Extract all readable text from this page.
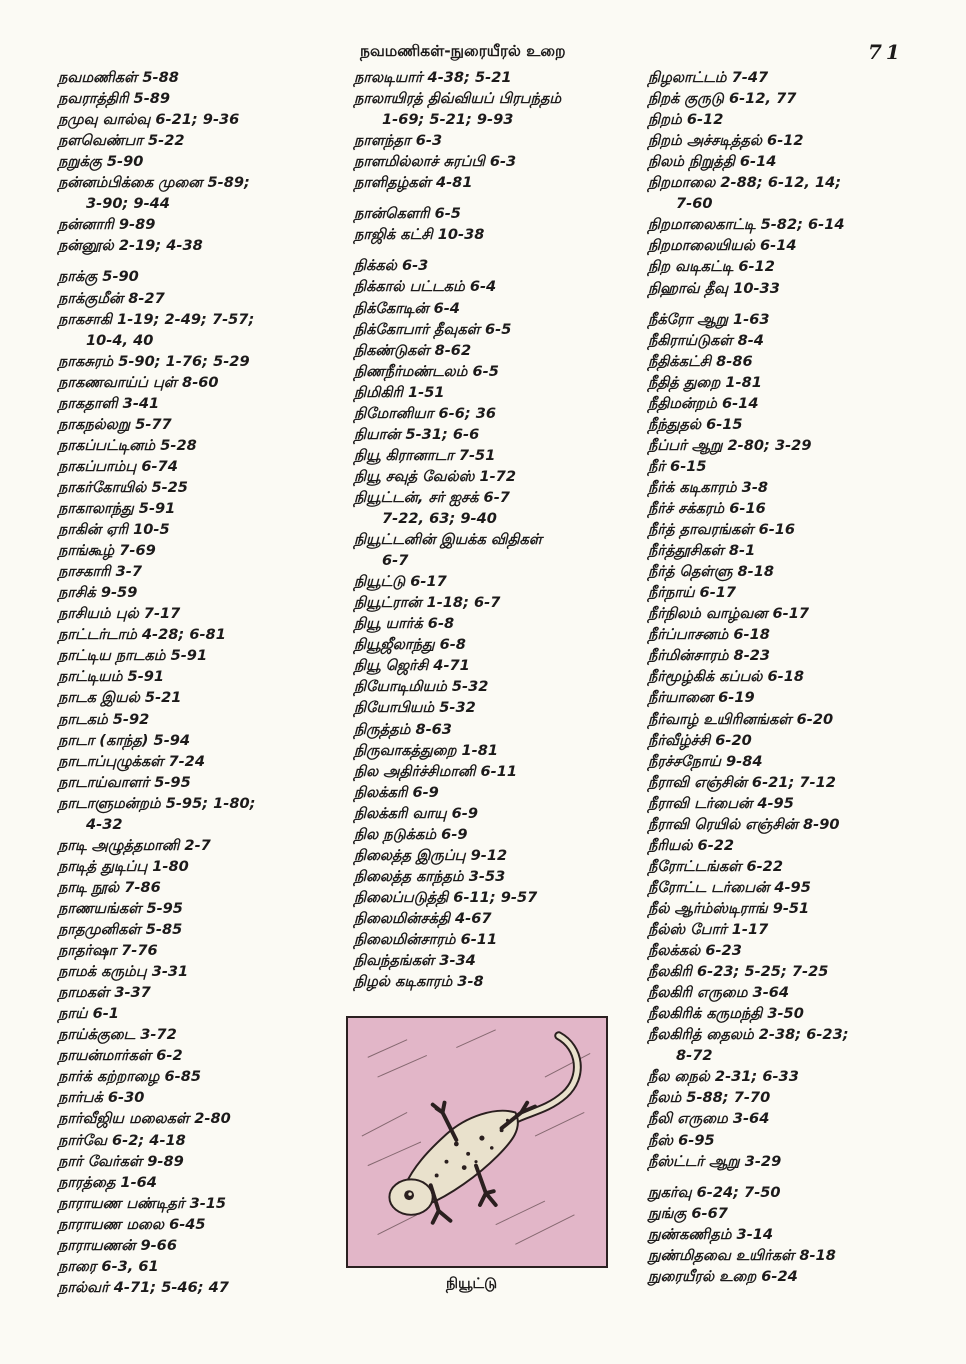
நவமணிகள்-நுரையீரல் உறை	71
நவமணிகள் 5-88
நவராத்திரி 5-89
நமுவு வால்வு 6-21; 9-36
நளவெண்பா 5-22
நறுக்கு 5-90
நன்னம்பிக்கை முனை 5-89;
3-90; 9-44
நன்னாரி 9-89
நன்னூல் 2-19; 4-38
நாக்கு 5-90
நாக்குமீன் 8-27
நாகசாகி 1-19; 2-49; 7-57;
10-4, 40
நாகசுரம் 5-90; 1-76; 5-29
நாகணவாய்ப் புள் 8-60
நாகதாளி 3-41
நாகநல்லறு 5-77
நாகப்பட்டினம் 5-28
நாகப்பாம்பு 6-74
நாகர்கோயில் 5-25
நாகாலாந்து 5-91
நாகின் ஏரி 10-5
நாங்கூழ் 7-69
நாசகாரி 3-7
நாசிக் 9-59
நாசியம் புல் 7-17
நாட்டர்டாம் 4-28; 6-81
நாட்டிய நாடகம் 5-91
நாட்டியம் 5-91
நாடக இயல் 5-21
நாடகம் 5-92
நாடா (காந்த) 5-94
நாடாப்புழுக்கள் 7-24
நாடாய்வாளர் 5-95
நாடாளுமன்றம் 5-95; 1-80;
4-32
நாடி அழுத்தமானி 2-7
நாடித் துடிப்பு 1-80
நாடி நூல் 7-86
நாணயங்கள் 5-95
நாதமுனிகள் 5-85
நாதர்ஷா 7-76
நாமக் கரும்பு 3-31
நாமகள் 3-37
நாய் 6-1
நாய்க்குடை 3-72
நாயன்மார்கள் 6-2
நார்க் கற்றாழை 6-85
நார்பக் 6-30
நார்வீஜிய மலைகள் 2-80
நார்வே 6-2; 4-18
நார் வேர்கள் 9-89
நாரத்தை 1-64
நாராயண பண்டிதர் 3-15
நாராயண மலை 6-45
நாராயணன் 9-66
நாரை 6-3, 61
நால்வர் 4-71; 5-46; 47
நாலடியார் 4-38; 5-21
நாலாயிரத் திவ்வியப் பிரபந்தம்
1-69; 5-21; 9-93
நாளந்தா 6-3
நாளமில்லாச் சுரப்பி 6-3
நாளிதழ்கள் 4-81
நான்கெளரி 6-5
நாஜிக் கட்சி 10-38
நிக்கல் 6-3
நிக்கால் பட்டகம் 6-4
நிக்கோடின் 6-4
நிக்கோபார் தீவுகள் 6-5
நிகண்டுகள் 8-62
நிணநீர்மண்டலம் 6-5
நிமிகிரி 1-51
நிமோனியா 6-6; 36
நியான் 5-31; 6-6
நியூ கிரானாடா 7-51
நியூ சவுத் வேல்ஸ் 1-72
நியூட்டன், சர் ஐசக் 6-7
7-22, 63; 9-40
நியூட்டனின் இயக்க விதிகள்
6-7
நியூட்டு 6-17
நியூட்ரான் 1-18; 6-7
நியூ யார்க் 6-8
நியூஜீலாந்து 6-8
நியூ ஜெர்சி 4-71
நியோடிமியம் 5-32
நியோபியம் 5-32
நிருத்தம் 8-63
நிருவாகத்துறை 1-81
நில அதிர்ச்சிமானி 6-11
நிலக்கரி 6-9
நிலக்கரி வாயு 6-9
நில நடுக்கம் 6-9
நிலைத்த இருப்பு 9-12
நிலைத்த காந்தம் 3-53
நிலைப்படுத்தி 6-11; 9-57
நிலைமின்சக்தி 4-67
நிலைமின்சாரம் 6-11
நிவந்தங்கள் 3-34
நிழல் கடிகாரம் 3-8
நிழலாட்டம் 7-47
நிறக் குருடு 6-12, 77
நிறம் 6-12
நிறம் அச்சடித்தல் 6-12
நிலம் நிறுத்தி 6-14
நிறமாலை 2-88; 6-12, 14;
7-60
நிறமாலைகாட்டி 5-82; 6-14
நிறமாலையியல் 6-14
நிற வடிகட்டி 6-12
நிஹாவ் தீவு 10-33
நீக்ரோ ஆறு 1-63
நீகிராய்டுகள் 8-4
நீதிக்கட்சி 8-86
நீதித் துறை 1-81
நீதிமன்றம் 6-14
நீந்துதல் 6-15
நீப்பர் ஆறு 2-80; 3-29
நீர் 6-15
நீர்க் கடிகாரம் 3-8
நீர்ச் சக்கரம் 6-16
நீர்த் தாவரங்கள் 6-16
நீர்த்தூசிகள் 8-1
நீர்த் தெள்ளு 8-18
நீர்நாய் 6-17
நீர்நிலம் வாழ்வன 6-17
நீர்ப்பாசனம் 6-18
நீர்மின்சாரம் 8-23
நீர்மூழ்கிக் கப்பல் 6-18
நீர்யானை 6-19
நீர்வாழ் உயிரினங்கள் 6-20
நீர்வீழ்ச்சி 6-20
நீரச்சநோய் 9-84
நீராவி எஞ்சின் 6-21; 7-12
நீராவி டர்பைன் 4-95
நீராவி ரெயில் எஞ்சின் 8-90
நீரியல் 6-22
நீரோட்டங்கள் 6-22
நீரோட்ட டர்பைன் 4-95
நீல் ஆர்ம்ஸ்டிராங் 9-51
நீல்ஸ் போர் 1-17
நீலக்கல் 6-23
நீலகிரி 6-23; 5-25; 7-25
நீலகிரி எருமை 3-64
நீலகிரிக் கருமந்தி 3-50
நீலகிரித் தைலம் 2-38; 6-23;
8-72
நீல நைல் 2-31; 6-33
நீலம் 5-88; 7-70
நீலி எருமை 3-64
நீஸ் 6-95
நீஸ்ட்டர் ஆறு 3-29
நுகர்வு 6-24; 7-50
நுங்கு 6-67
நுண்கணிதம் 3-14
நுண்மிதவை உயிர்கள் 8-18
நுரையீரல் உறை 6-24
நியூட்டு
